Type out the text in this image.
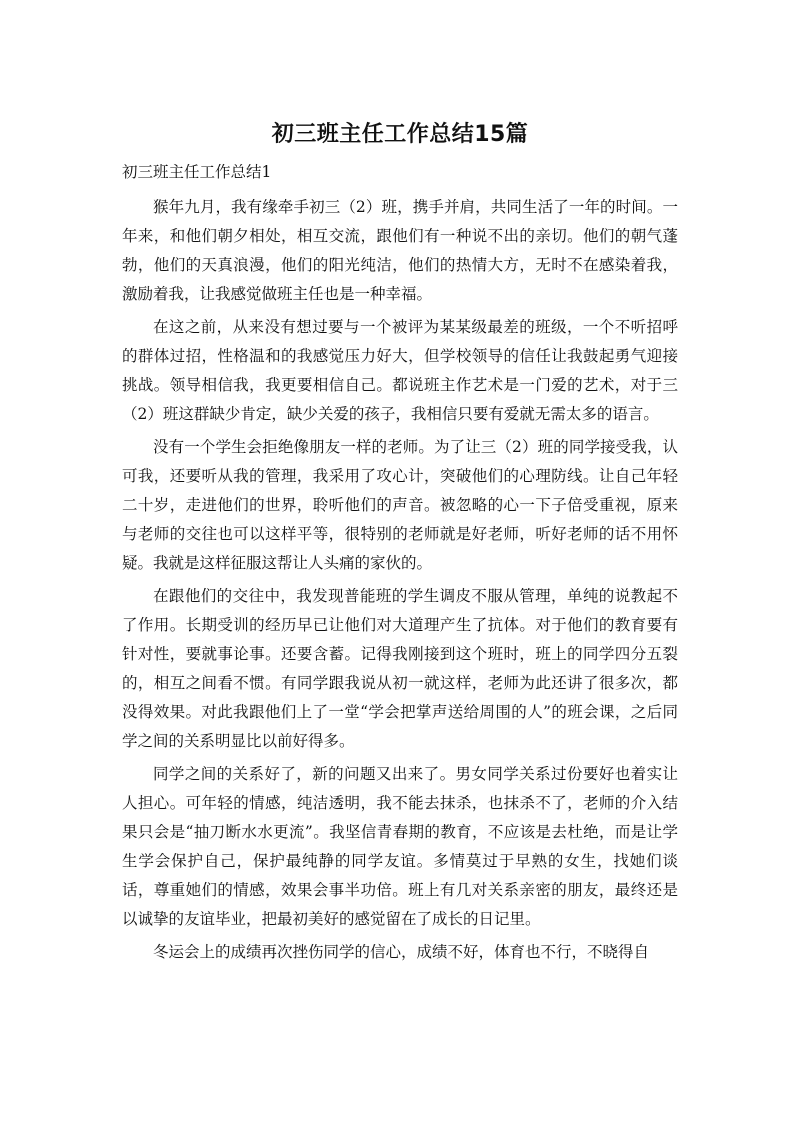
初三班主任工作总结15篇
初三班主任工作总结1

猴年九月，我有缘牵手初三（2）班，携手并肩，共同生活了一年的时间。一年来，和他们朝夕相处，相互交流，跟他们有一种说不出的亲切。他们的朝气蓬勃，他们的天真浪漫，他们的阳光纯洁，他们的热情大方，无时不在感染着我，激励着我，让我感觉做班主任也是一种幸福。

在这之前，从来没有想过要与一个被评为某某级最差的班级，一个不听招呼的群体过招，性格温和的我感觉压力好大，但学校领导的信任让我鼓起勇气迎接挑战。领导相信我，我更要相信自己。都说班主作艺术是一门爱的艺术，对于三（2）班这群缺少肯定，缺少关爱的孩子，我相信只要有爱就无需太多的语言。

没有一个学生会拒绝像朋友一样的老师。为了让三（2）班的同学接受我，认可我，还要听从我的管理，我采用了攻心计，突破他们的心理防线。让自己年轻二十岁，走进他们的世界，聆听他们的声音。被忽略的心一下子倍受重视，原来与老师的交往也可以这样平等，很特别的老师就是好老师，听好老师的话不用怀疑。我就是这样征服这帮让人头痛的家伙的。

在跟他们的交往中，我发现普能班的学生调皮不服从管理，单纯的说教起不了作用。长期受训的经历早已让他们对大道理产生了抗体。对于他们的教育要有针对性，要就事论事。还要含蓄。记得我刚接到这个班时，班上的同学四分五裂的，相互之间看不惯。有同学跟我说从初一就这样，老师为此还讲了很多次，都没得效果。对此我跟他们上了一堂“学会把掌声送给周围的人”的班会课，之后同学之间的关系明显比以前好得多。

同学之间的关系好了，新的问题又出来了。男女同学关系过份要好也着实让人担心。可年轻的情感，纯洁透明，我不能去抹杀，也抹杀不了，老师的介入结果只会是“抽刀断水水更流”。我坚信青春期的教育，不应该是去杜绝，而是让学生学会保护自己，保护最纯静的同学友谊。多情莫过于早熟的女生，找她们谈话，尊重她们的情感，效果会事半功倍。班上有几对关系亲密的朋友，最终还是以诚挚的友谊毕业，把最初美好的感觉留在了成长的日记里。

冬运会上的成绩再次挫伤同学的信心，成绩不好，体育也不行，不晓得自
